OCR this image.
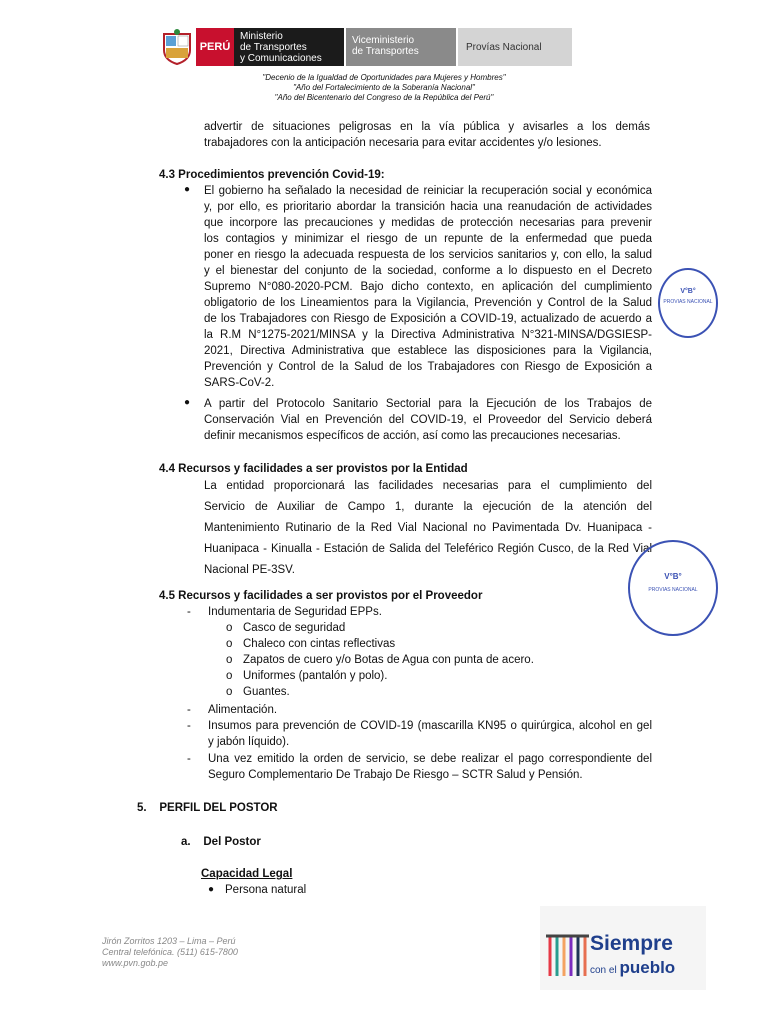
PERÚ
Ministerio
de Transportes
y Comunicaciones
Viceministerio
de Transportes	Provías Nacional
"Decenio de la Igualdad de Oportunidades para Mujeres y Hombres"
"Año del Fortalecimiento de la Soberanía Nacional"
"Año del Bicentenario del Congreso de la República del Perú"
advertir de situaciones peligrosas en la vía pública y avisarles a los demás
trabajadores con la anticipación necesaria para evitar accidentes y/o lesiones.
4.3 Procedimientos prevención Covid-19:
● El gobierno ha señalado la necesidad de reiniciar la recuperación social y económica
y, por ello, es prioritario abordar la transición hacia una reanudación de actividades
que incorpore las precauciones y medidas de protección necesarias para prevenir
los contagios y minimizar el riesgo de un repunte de la enfermedad que pueda
poner en riesgo la adecuada respuesta de los servicios sanitarios y, con ello, la salud
y el bienestar del conjunto de la sociedad, conforme a lo dispuesto en el Decreto
Supremo N°080-2020-PCM. Bajo dicho contexto, en aplicación del cumplimiento
obligatorio de los Lineamientos para la Vigilancia, Prevención y Control de la Salud
de los Trabajadores con Riesgo de Exposición a COVID-19, actualizado de acuerdo a
la R.M N°1275-2021/MINSA y la Directiva Administrativa N°321-MINSA/DGSIESP-
2021, Directiva Administrativa que establece las disposiciones para la Vigilancia,
Prevención y Control de la Salud de los Trabajadores con Riesgo de Exposición a
SARS-CoV-2.
● A partir del Protocolo Sanitario Sectorial para la Ejecución de los Trabajos de
Conservación Vial en Prevención del COVID-19, el Proveedor del Servicio deberá
definir mecanismos específicos de acción, así como las precauciones necesarias.
V°B°
PROVIAS NACIONAL
4.4 Recursos y facilidades a ser provistos por la Entidad
La entidad proporcionará las facilidades necesarias para el cumplimiento del
Servicio de Auxiliar de Campo 1, durante la ejecución de la atención del
Mantenimiento Rutinario de la Red Vial Nacional no Pavimentada Dv. Huanipaca -
Huanipaca - Kinualla - Estación de Salida del Teleférico Región Cusco, de la Red Vial
Nacional PE-3SV.
V°B°
PROVIAS NACIONAL
4.5 Recursos y facilidades a ser provistos por el Proveedor
- Indumentaria de Seguridad EPPs.
o Casco de seguridad
o Chaleco con cintas reflectivas
o Zapatos de cuero y/o Botas de Agua con punta de acero.
o Uniformes (pantalón y polo).
o Guantes.
- Alimentación.
- Insumos para prevención de COVID-19 (mascarilla KN95 o quirúrgica, alcohol en gel
y jabón líquido).
- Una vez emitido la orden de servicio, se debe realizar el pago correspondiente del
Seguro Complementario De Trabajo De Riesgo – SCTR Salud y Pensión.
5.    PERFIL DEL POSTOR
a.    Del Postor
Capacidad Legal
● Persona natural
Jirón Zorritos 1203 – Lima – Perú
Central telefónica. (511) 615-7800
www.pvn.gob.pe
Siempre
con el pueblo
